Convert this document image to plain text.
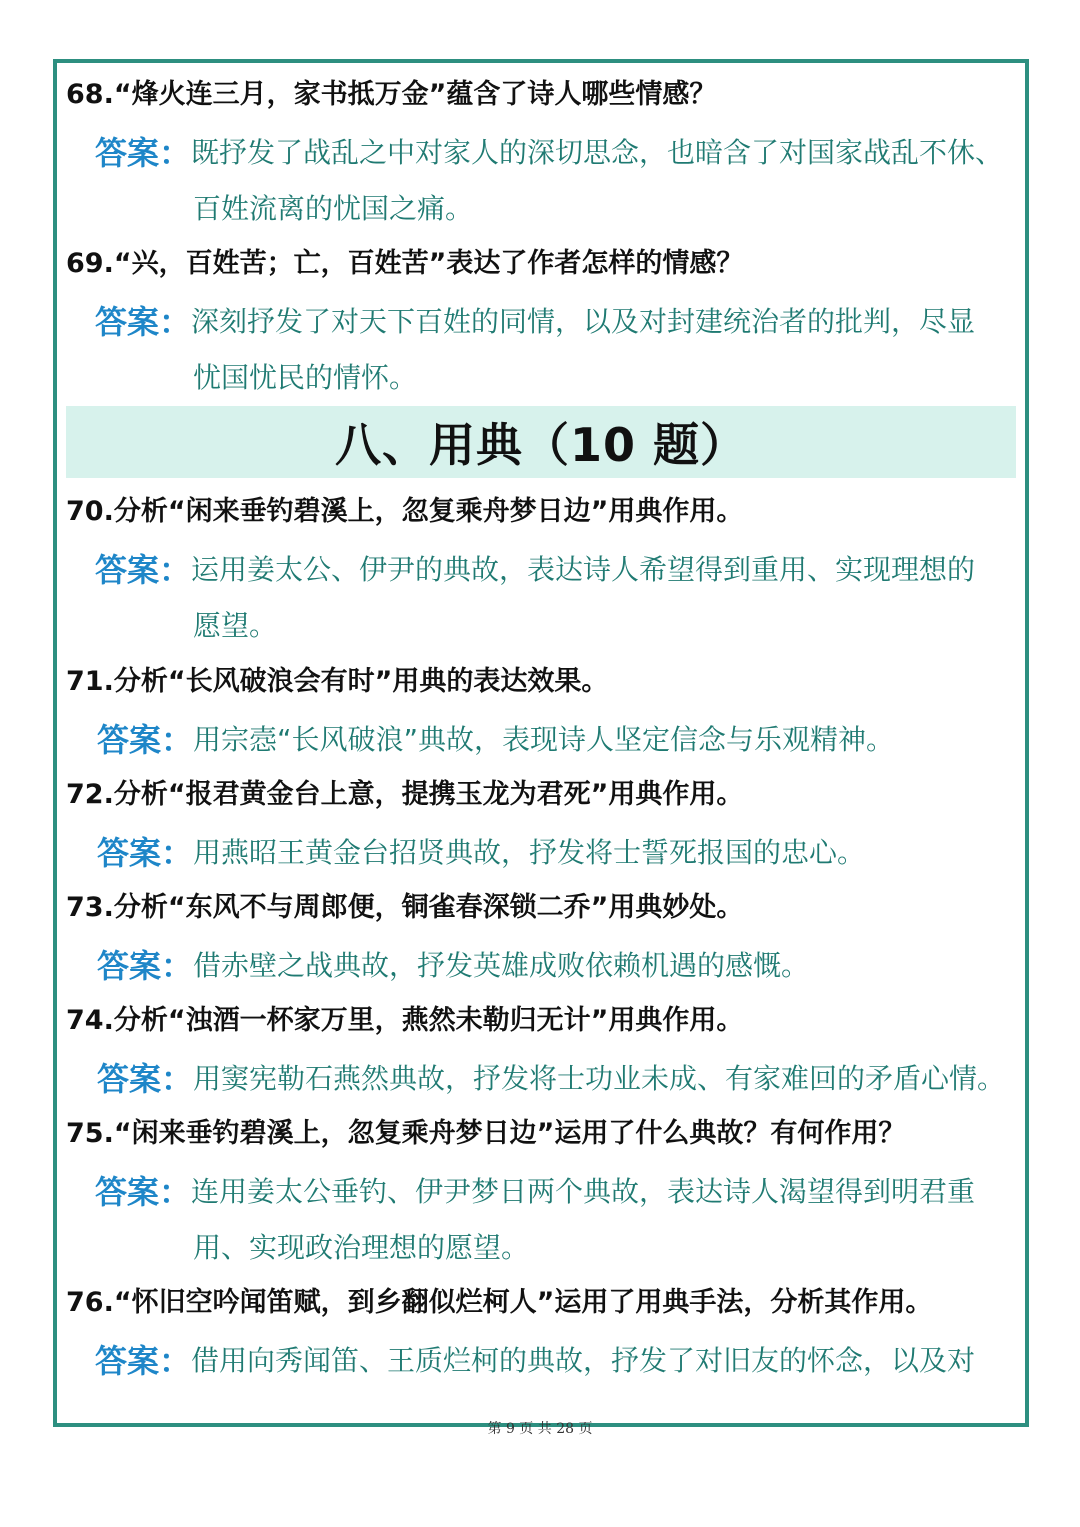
68.“烽火连三月，家书抵万金”蕴含了诗人哪些情感？
答案： 既抒发了战乱之中对家人的深切思念，也暗含了对国家战乱不休、
百姓流离的忧国之痛。
69.“兴，百姓苦；亡，百姓苦”表达了作者怎样的情感？
答案： 深刻抒发了对天下百姓的同情，以及对封建统治者的批判，尽显
忧国忧民的情怀。
八、用典（10 题）
70.分析“闲来垂钓碧溪上，忽复乘舟梦日边”用典作用。
答案： 运用姜太公、伊尹的典故，表达诗人希望得到重用、实现理想的
愿望。
71.分析“长风破浪会有时”用典的表达效果。
答案： 用宗悫“长风破浪”典故，表现诗人坚定信念与乐观精神。
72.分析“报君黄金台上意，提携玉龙为君死”用典作用。
答案： 用燕昭王黄金台招贤典故，抒发将士誓死报国的忠心。
73.分析“东风不与周郎便，铜雀春深锁二乔”用典妙处。
答案： 借赤壁之战典故，抒发英雄成败依赖机遇的感慨。
74.分析“浊酒一杯家万里，燕然未勒归无计”用典作用。
答案： 用窦宪勒石燕然典故，抒发将士功业未成、有家难回的矛盾心情。
75.“闲来垂钓碧溪上，忽复乘舟梦日边”运用了什么典故？有何作用？
答案： 连用姜太公垂钓、伊尹梦日两个典故，表达诗人渴望得到明君重
用、实现政治理想的愿望。
76.“怀旧空吟闻笛赋，到乡翻似烂柯人”运用了用典手法，分析其作用。
答案： 借用向秀闻笛、王质烂柯的典故，抒发了对旧友的怀念，以及对
第 9 页 共 28 页
